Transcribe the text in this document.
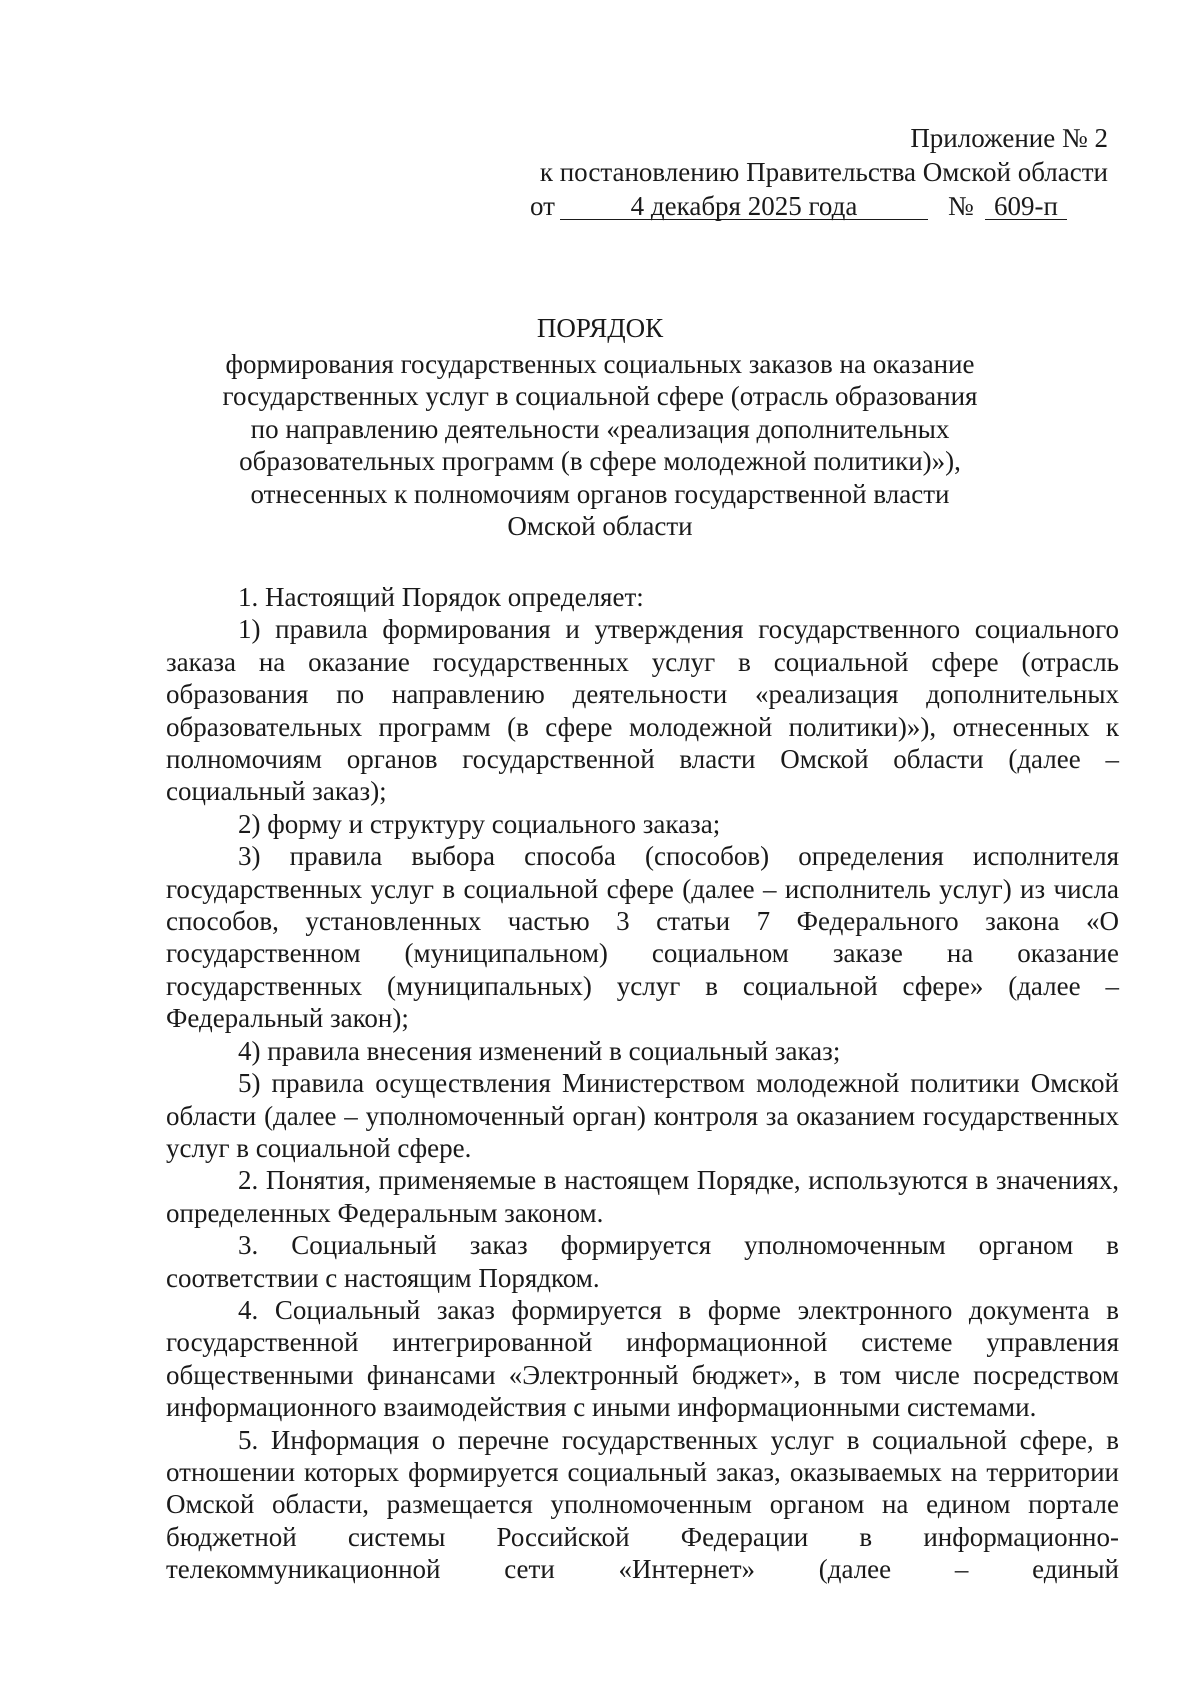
Приложение № 2
к постановлению Правительства Омской области
от	4 декабря 2025 года	№ 609-п
ПОРЯДОК
формирования государственных социальных заказов на оказание
государственных услуг в социальной сфере (отрасль образования
по направлению деятельности «реализация дополнительных
образовательных программ (в сфере молодежной политики)»),
отнесенных к полномочиям органов государственной власти
Омской области

1. Настоящий Порядок определяет:

1) правила формирования и утверждения государственного социального заказа на оказание государственных услуг в социальной сфере (отрасль образования по направлению деятельности «реализация дополнительных образовательных программ (в сфере молодежной политики)»), отнесенных к полномочиям органов государственной власти Омской области (далее – социальный заказ);

2) форму и структуру социального заказа;

3) правила выбора способа (способов) определения исполнителя государственных услуг в социальной сфере (далее – исполнитель услуг) из числа способов, установленных частью 3 статьи 7 Федерального закона «О государственном (муниципальном) социальном заказе на оказание государственных (муниципальных) услуг в социальной сфере» (далее – Федеральный закон);

4) правила внесения изменений в социальный заказ;

5) правила осуществления Министерством молодежной политики Омской области (далее – уполномоченный орган) контроля за оказанием государственных услуг в социальной сфере.

2. Понятия, применяемые в настоящем Порядке, используются в значениях, определенных Федеральным законом.

3. Социальный заказ формируется уполномоченным органом в соответствии с настоящим Порядком.

4. Социальный заказ формируется в форме электронного документа в государственной интегрированной информационной системе управления общественными финансами «Электронный бюджет», в том числе посредством информационного взаимодействия с иными информационными системами.

5. Информация о перечне государственных услуг в социальной сфере, в отношении которых формируется социальный заказ, оказываемых на территории Омской области, размещается уполномоченным органом на едином портале бюджетной системы Российской Федерации в информационно-телекоммуникационной сети «Интернет» (далее – единый
